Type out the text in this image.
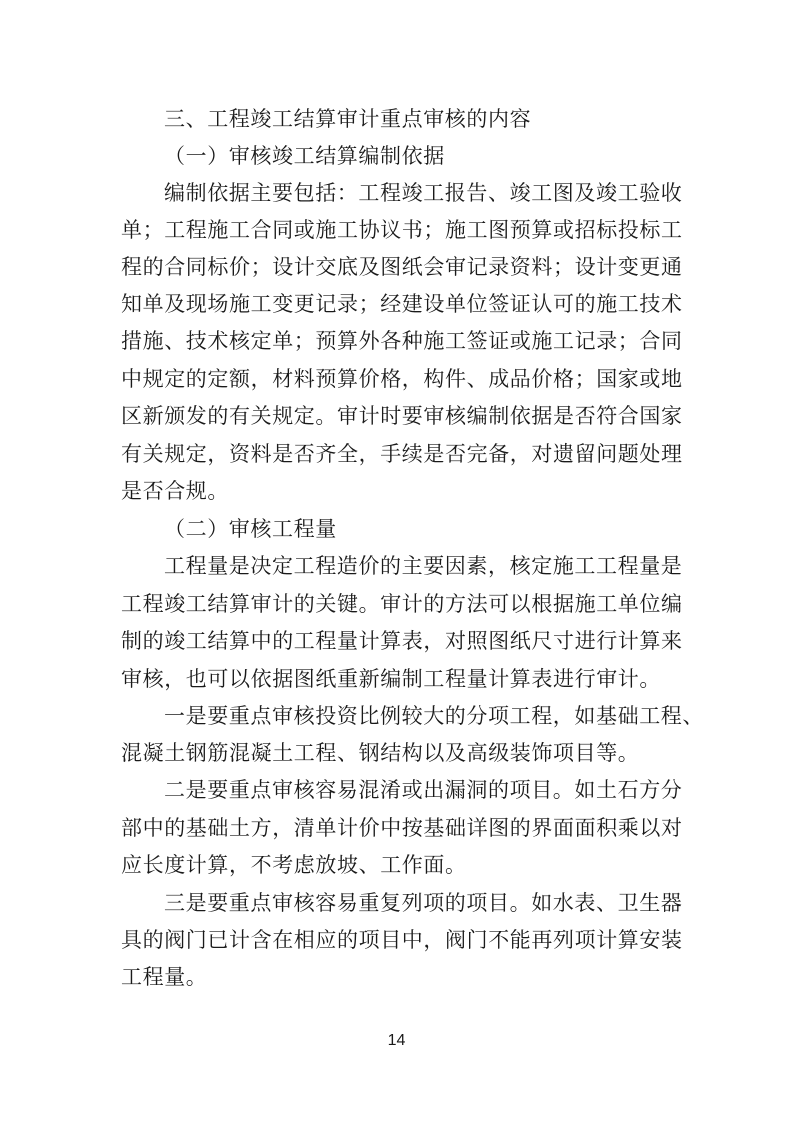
三、工程竣工结算审计重点审核的内容
（一）审核竣工结算编制依据
编制依据主要包括：工程竣工报告、竣工图及竣工验收
单；工程施工合同或施工协议书；施工图预算或招标投标工
程的合同标价；设计交底及图纸会审记录资料；设计变更通
知单及现场施工变更记录；经建设单位签证认可的施工技术
措施、技术核定单；预算外各种施工签证或施工记录；合同
中规定的定额，材料预算价格，构件、成品价格；国家或地
区新颁发的有关规定。审计时要审核编制依据是否符合国家
有关规定，资料是否齐全，手续是否完备，对遗留问题处理
是否合规。
（二）审核工程量
工程量是决定工程造价的主要因素，核定施工工程量是
工程竣工结算审计的关键。审计的方法可以根据施工单位编
制的竣工结算中的工程量计算表，对照图纸尺寸进行计算来
审核，也可以依据图纸重新编制工程量计算表进行审计。
一是要重点审核投资比例较大的分项工程，如基础工程、
混凝土钢筋混凝土工程、钢结构以及高级装饰项目等。
二是要重点审核容易混淆或出漏洞的项目。如土石方分
部中的基础土方，清单计价中按基础详图的界面面积乘以对
应长度计算，不考虑放坡、工作面。
三是要重点审核容易重复列项的项目。如水表、卫生器
具的阀门已计含在相应的项目中，阀门不能再列项计算安装
工程量。
14
